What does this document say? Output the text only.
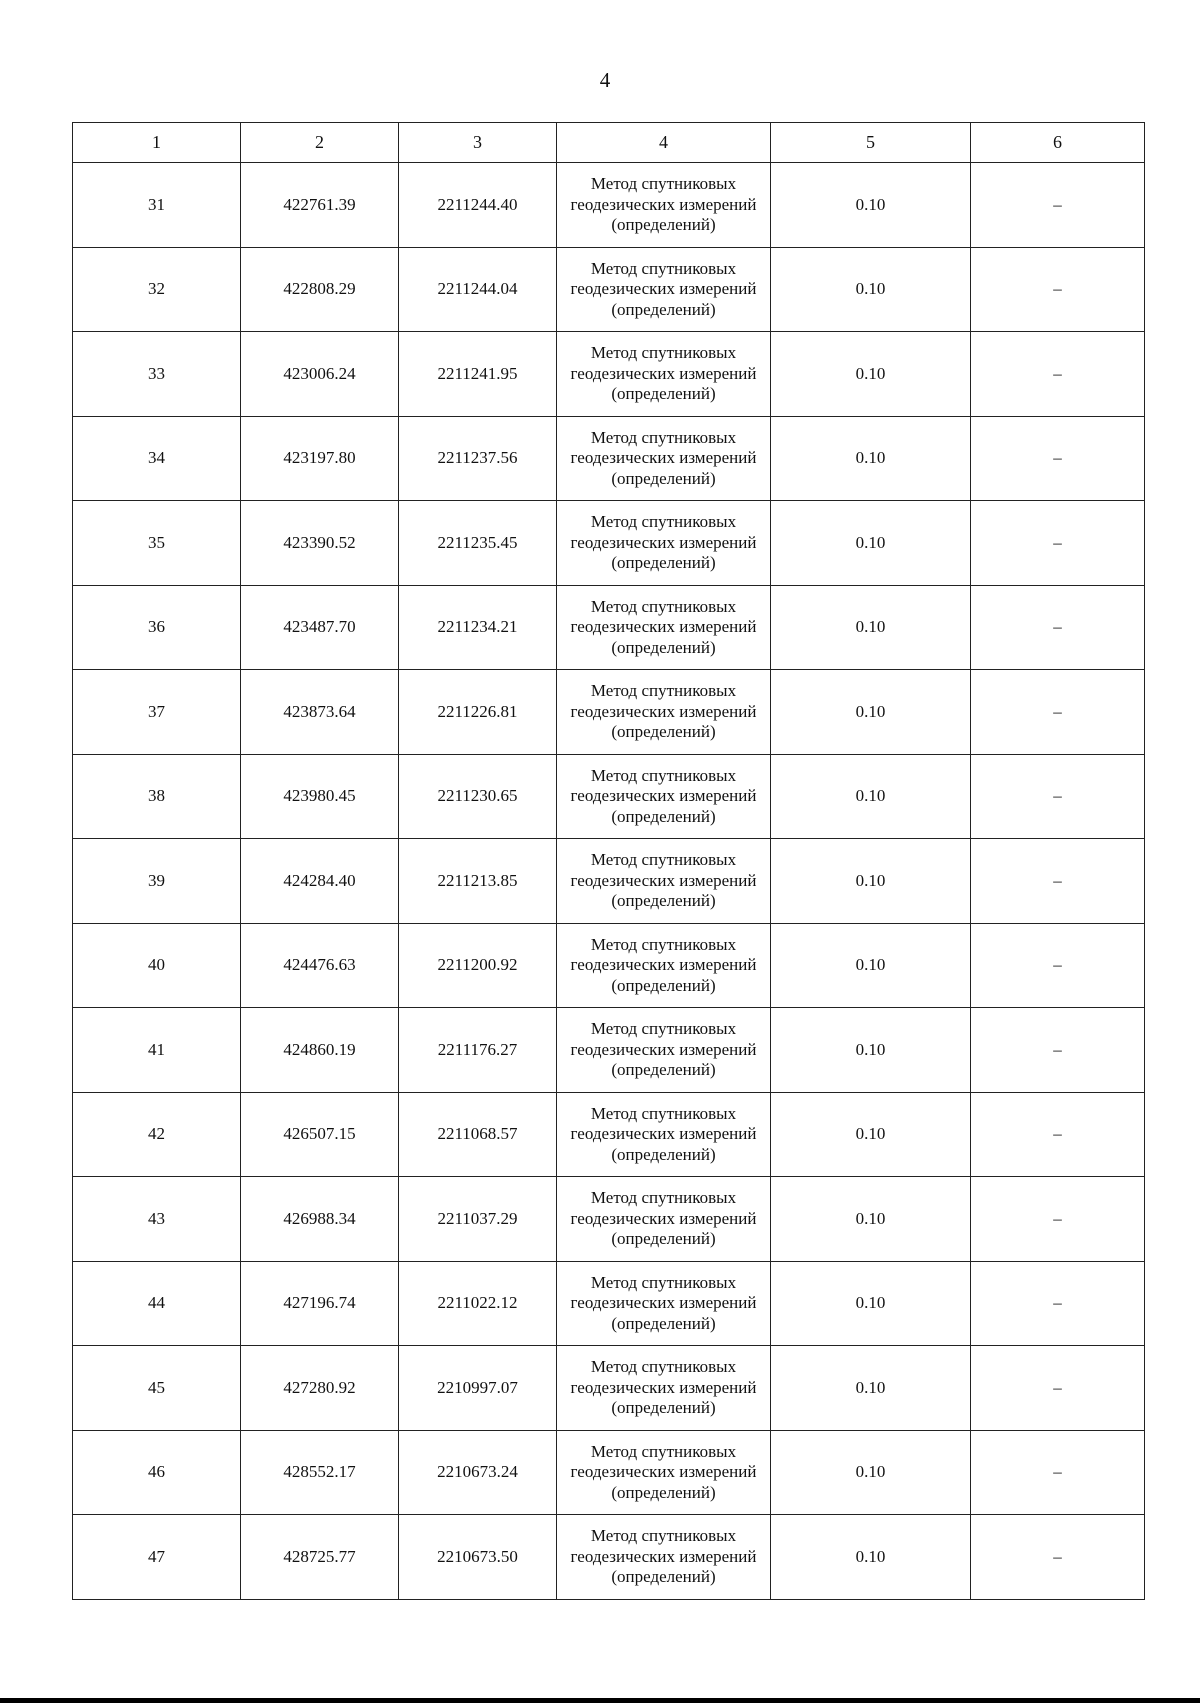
4
1	2	3	4	5	6
31	422761.39	2211244.40	Метод спутниковых геодезических измерений (определений)	0.10	–
32	422808.29	2211244.04	Метод спутниковых геодезических измерений (определений)	0.10	–
33	423006.24	2211241.95	Метод спутниковых геодезических измерений (определений)	0.10	–
34	423197.80	2211237.56	Метод спутниковых геодезических измерений (определений)	0.10	–
35	423390.52	2211235.45	Метод спутниковых геодезических измерений (определений)	0.10	–
36	423487.70	2211234.21	Метод спутниковых геодезических измерений (определений)	0.10	–
37	423873.64	2211226.81	Метод спутниковых геодезических измерений (определений)	0.10	–
38	423980.45	2211230.65	Метод спутниковых геодезических измерений (определений)	0.10	–
39	424284.40	2211213.85	Метод спутниковых геодезических измерений (определений)	0.10	–
40	424476.63	2211200.92	Метод спутниковых геодезических измерений (определений)	0.10	–
41	424860.19	2211176.27	Метод спутниковых геодезических измерений (определений)	0.10	–
42	426507.15	2211068.57	Метод спутниковых геодезических измерений (определений)	0.10	–
43	426988.34	2211037.29	Метод спутниковых геодезических измерений (определений)	0.10	–
44	427196.74	2211022.12	Метод спутниковых геодезических измерений (определений)	0.10	–
45	427280.92	2210997.07	Метод спутниковых геодезических измерений (определений)	0.10	–
46	428552.17	2210673.24	Метод спутниковых геодезических измерений (определений)	0.10	–
47	428725.77	2210673.50	Метод спутниковых геодезических измерений (определений)	0.10	–
